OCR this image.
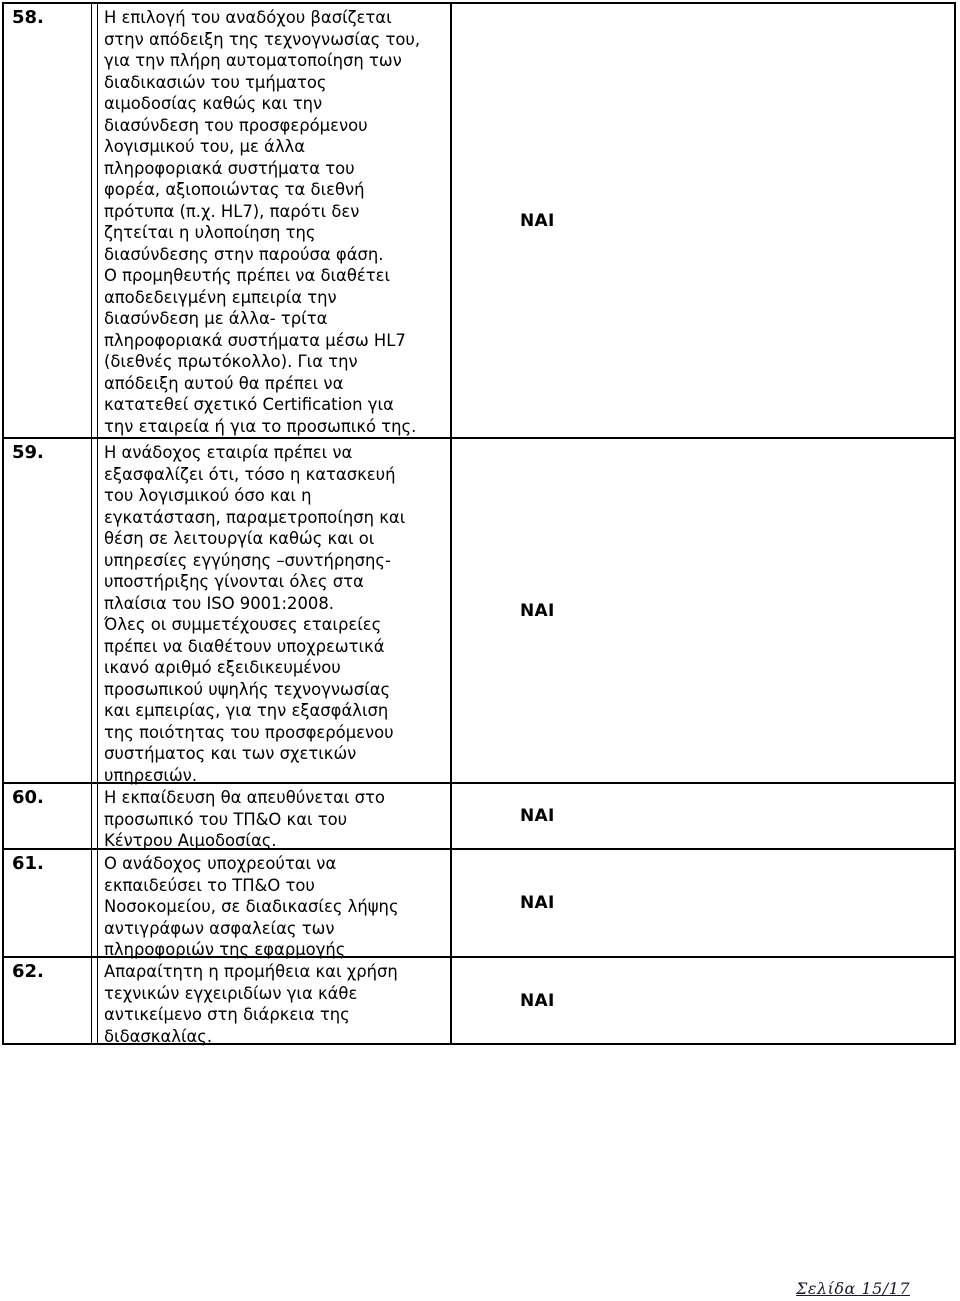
58.	Η επιλογή του αναδόχου βασίζεται

στην απόδειξη της τεχνογνωσίας του,

για την πλήρη αυτοματοποίηση των

διαδικασιών του τμήματος

αιμοδοσίας καθώς και την

διασύνδεση του προσφερόμενου

λογισμικού του, με άλλα

πληροφοριακά συστήματα του

φορέα, αξιοποιώντας τα διεθνή

πρότυπα (π.χ. HL7), παρότι δεν

ζητείται η υλοποίηση της

διασύνδεσης στην παρούσα φάση.

Ο προμηθευτής πρέπει να διαθέτει

αποδεδειγμένη εμπειρία την

διασύνδεση με άλλα- τρίτα

πληροφοριακά συστήματα μέσω HL7

(διεθνές πρωτόκολλο). Για την

απόδειξη αυτού θα πρέπει να

κατατεθεί σχετικό Certification για

την εταιρεία ή για το προσωπικό της.

ΝΑΙ
59.	Η ανάδοχος εταιρία πρέπει να

εξασφαλίζει ότι, τόσο η κατασκευή

του λογισμικού όσο και η

εγκατάσταση, παραμετροποίηση και

θέση σε λειτουργία καθώς και οι

υπηρεσίες εγγύησης –συντήρησης-

υποστήριξης γίνονται όλες στα

πλαίσια του ISO 9001:2008.

Όλες οι συμμετέχουσες εταιρείες

πρέπει να διαθέτουν υποχρεωτικά

ικανό αριθμό εξειδικευμένου

προσωπικού υψηλής τεχνογνωσίας

και εμπειρίας, για την εξασφάλιση

της ποιότητας του προσφερόμενου

συστήματος και των σχετικών

υπηρεσιών.

ΝΑΙ
60.	Η εκπαίδευση θα απευθύνεται στο

προσωπικό του ΤΠ&Ο και του

Κέντρου Αιμοδοσίας.

ΝΑΙ
61.	Ο ανάδοχος υποχρεούται να

εκπαιδεύσει το ΤΠ&Ο του

Νοσοκομείου, σε διαδικασίες λήψης

αντιγράφων ασφαλείας των

πληροφοριών της εφαρμογής

ΝΑΙ
62.	Απαραίτητη η προμήθεια και χρήση

τεχνικών εγχειριδίων για κάθε

αντικείμενο στη διάρκεια της

διδασκαλίας.

ΝΑΙ
Σελίδα 15/17
